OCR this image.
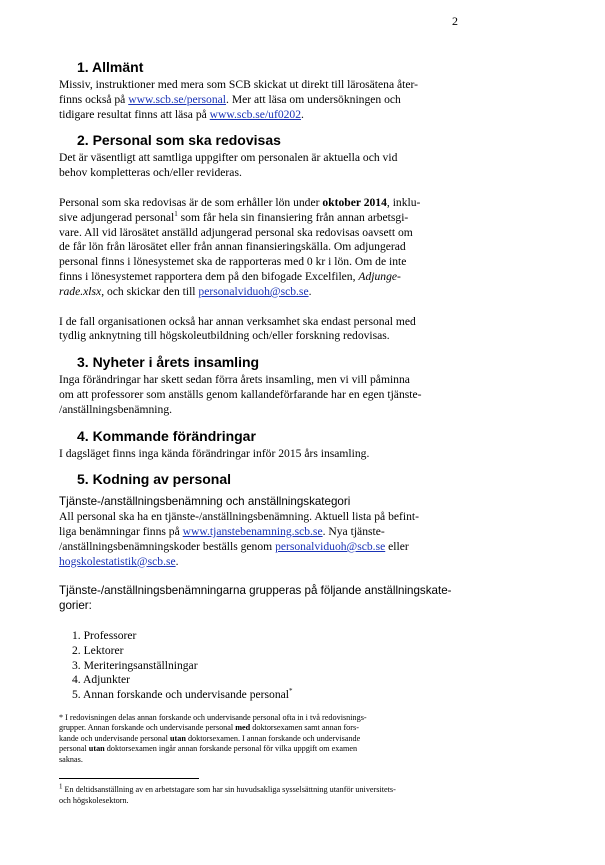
2
1. Allmänt

Missiv, instruktioner med mera som SCB skickat ut direkt till lärosätena åter-
finns också på www.scb.se/personal. Mer att läsa om undersökningen och
tidigare resultat finns att läsa på www.scb.se/uf0202.

2. Personal som ska redovisas

Det är väsentligt att samtliga uppgifter om personalen är aktuella och vid
behov kompletteras och/eller revideras.

Personal som ska redovisas är de som erhåller lön under oktober 2014, inklu-
sive adjungerad personal$^1$ som får hela sin finansiering från annan arbetsgi-
vare. All vid lärosätet anställd adjungerad personal ska redovisas oavsett om
de får lön från lärosätet eller från annan finansieringskälla. Om adjungerad
personal finns i lönesystemet ska de rapporteras med 0 kr i lön. Om de inte
finns i lönesystemet rapportera dem på den bifogade Excelfilen, Adjunge-
rade.xlsx, och skickar den till personalviduoh@scb.se.

I de fall organisationen också har annan verksamhet ska endast personal med
tydlig anknytning till högskoleutbildning och/eller forskning redovisas.

3. Nyheter i årets insamling

Inga förändringar har skett sedan förra årets insamling, men vi vill påminna
om att professorer som anställs genom kallandeförfarande har en egen tjänste-
/anställningsbenämning.

4. Kommande förändringar

I dagsläget finns inga kända förändringar inför 2015 års insamling.

5. Kodning av personal

Tjänste-/anställningsbenämning och anställningskategori

All personal ska ha en tjänste-/anställningsbenämning. Aktuell lista på befint-
liga benämningar finns på www.tjanstebenamning.scb.se. Nya tjänste-
/anställningsbenämningskoder beställs genom personalviduoh@scb.se eller
hogskolestatistik@scb.se.

Tjänste-/anställningsbenämningarna grupperas på följande anställningskate-
gorier:

1. Professorer
2. Lektorer
3. Meriteringsanställningar
4. Adjunkter
5. Annan forskande och undervisande personal*

* I redovisningen delas annan forskande och undervisande personal ofta in i två redovisnings-
grupper. Annan forskande och undervisande personal med doktorsexamen samt annan fors-
kande och undervisande personal utan doktorsexamen. I annan forskande och undervisande
personal utan doktorsexamen ingår annan forskande personal för vilka uppgift om examen
saknas.

$^1$ En deltidsanställning av en arbetstagare som har sin huvudsakliga sysselsättning utanför universitets-
och högskolesektorn.
